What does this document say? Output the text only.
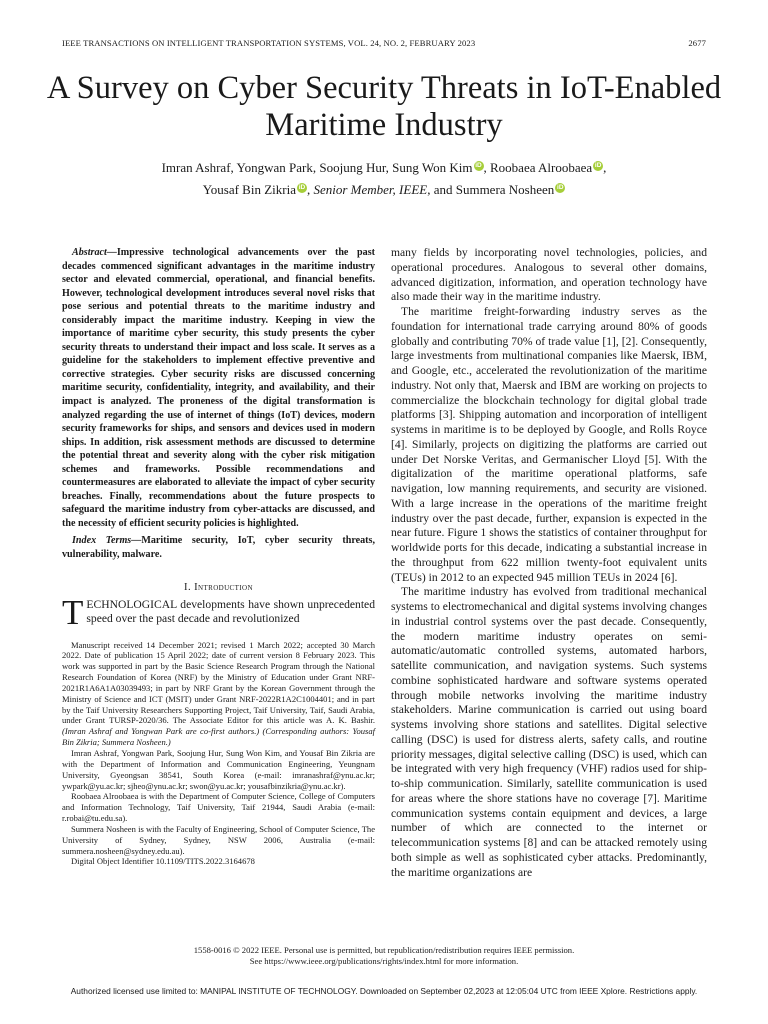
IEEE TRANSACTIONS ON INTELLIGENT TRANSPORTATION SYSTEMS, VOL. 24, NO. 2, FEBRUARY 2023	2677
A Survey on Cyber Security Threats in IoT-Enabled Maritime Industry
Imran Ashraf, Yongwan Park, Soojung Hur, Sung Won Kim iD , Roobaea Alroobaea iD ,
Yousaf Bin Zikria iD , Senior Member, IEEE, and Summera Nosheen iD

Abstract—Impressive technological advancements over the past decades commenced significant advantages in the maritime industry sector and elevated commercial, operational, and financial benefits. However, technological development introduces several novel risks that pose serious and potential threats to the maritime industry and considerably impact the maritime industry. Keeping in view the importance of maritime cyber security, this study presents the cyber security threats to understand their impact and loss scale. It serves as a guideline for the stakeholders to implement effective preventive and corrective strategies. Cyber security risks are discussed concerning maritime security, confidentiality, integrity, and availability, and their impact is analyzed. The proneness of the digital transformation is analyzed regarding the use of internet of things (IoT) devices, modern security frameworks for ships, and sensors and devices used in modern ships. In addition, risk assessment methods are discussed to determine the potential threat and severity along with the cyber risk mitigation schemes and frameworks. Possible recommendations and countermeasures are elaborated to alleviate the impact of cyber security breaches. Finally, recommendations about the future prospects to safeguard the maritime industry from cyber-attacks are discussed, and the necessity of efficient security policies is highlighted.

Index Terms—Maritime security, IoT, cyber security threats, vulnerability, malware.

I. Introduction

TECHNOLOGICAL developments have shown unprecedented speed over the past decade and revolutionized

Manuscript received 14 December 2021; revised 1 March 2022; accepted 30 March 2022. Date of publication 15 April 2022; date of current version 8 February 2023. This work was supported in part by the Basic Science Research Program through the National Research Foundation of Korea (NRF) by the Ministry of Education under Grant NRF-2021R1A6A1A03039493; in part by NRF Grant by the Korean Government through the Ministry of Science and ICT (MSIT) under Grant NRF-2022R1A2C1004401; and in part by the Taif University Researchers Supporting Project, Taif University, Taif, Saudi Arabia, under Grant TURSP-2020/36. The Associate Editor for this article was A. K. Bashir. (Imran Ashraf and Yongwan Park are co-first authors.) (Corresponding authors: Yousaf Bin Zikria; Summera Nosheen.)

Imran Ashraf, Yongwan Park, Soojung Hur, Sung Won Kim, and Yousaf Bin Zikria are with the Department of Information and Communication Engineering, Yeungnam University, Gyeongsan 38541, South Korea (e-mail: imranashraf@ynu.ac.kr; ywpark@yu.ac.kr; sjheo@ynu.ac.kr; swon@yu.ac.kr; yousafbinzikria@ynu.ac.kr).

Roobaea Alroobaea is with the Department of Computer Science, College of Computers and Information Technology, Taif University, Taif 21944, Saudi Arabia (e-mail: r.robai@tu.edu.sa).

Summera Nosheen is with the Faculty of Engineering, School of Computer Science, The University of Sydney, Sydney, NSW 2006, Australia (e-mail: summera.nosheen@sydney.edu.au).

Digital Object Identifier 10.1109/TITS.2022.3164678

many fields by incorporating novel technologies, policies, and operational procedures. Analogous to several other domains, advanced digitization, information, and operation technology have also made their way in the maritime industry.

The maritime freight-forwarding industry serves as the foundation for international trade carrying around 80% of goods globally and contributing 70% of trade value [1], [2]. Consequently, large investments from multinational companies like Maersk, IBM, and Google, etc., accelerated the revolutionization of the maritime industry. Not only that, Maersk and IBM are working on projects to commercialize the blockchain technology for digital global trade platforms [3]. Shipping automation and incorporation of intelligent systems in maritime is to be deployed by Google, and Rolls Royce [4]. Similarly, projects on digitizing the platforms are carried out under Det Norske Veritas, and Germanischer Lloyd [5]. With the digitalization of the maritime operational platforms, safe navigation, low manning requirements, and security are visioned. With a large increase in the operations of the maritime freight industry over the past decade, further, expansion is expected in the near future. Figure 1 shows the statistics of container throughput for worldwide ports for this decade, indicating a substantial increase in the throughput from 622 million twenty-foot equivalent units (TEUs) in 2012 to an expected 945 million TEUs in 2024 [6].

The maritime industry has evolved from traditional mechanical systems to electromechanical and digital systems involving changes in industrial control systems over the past decade. Consequently, the modern maritime industry operates on semi-automatic/automatic controlled systems, automated harbors, satellite communication, and navigation systems. Such systems combine sophisticated hardware and software systems operated through mobile networks involving the maritime industry stakeholders. Marine communication is carried out using board systems involving shore stations and satellites. Digital selective calling (DSC) is used for distress alerts, safety calls, and routine priority messages, digital selective calling (DSC) is used, which can be integrated with very high frequency (VHF) radios used for ship-to-ship communication. Similarly, satellite communication is used for areas where the shore stations have no coverage [7]. Maritime communication systems contain equipment and devices, a large number of which are connected to the internet or telecommunication systems [8] and can be attacked remotely using both simple as well as sophisticated cyber attacks. Predominantly, the maritime organizations are

1558-0016 © 2022 IEEE. Personal use is permitted, but republication/redistribution requires IEEE permission.
See https://www.ieee.org/publications/rights/index.html for more information.
Authorized licensed use limited to: MANIPAL INSTITUTE OF TECHNOLOGY. Downloaded on September 02,2023 at 12:05:04 UTC from IEEE Xplore. Restrictions apply.
